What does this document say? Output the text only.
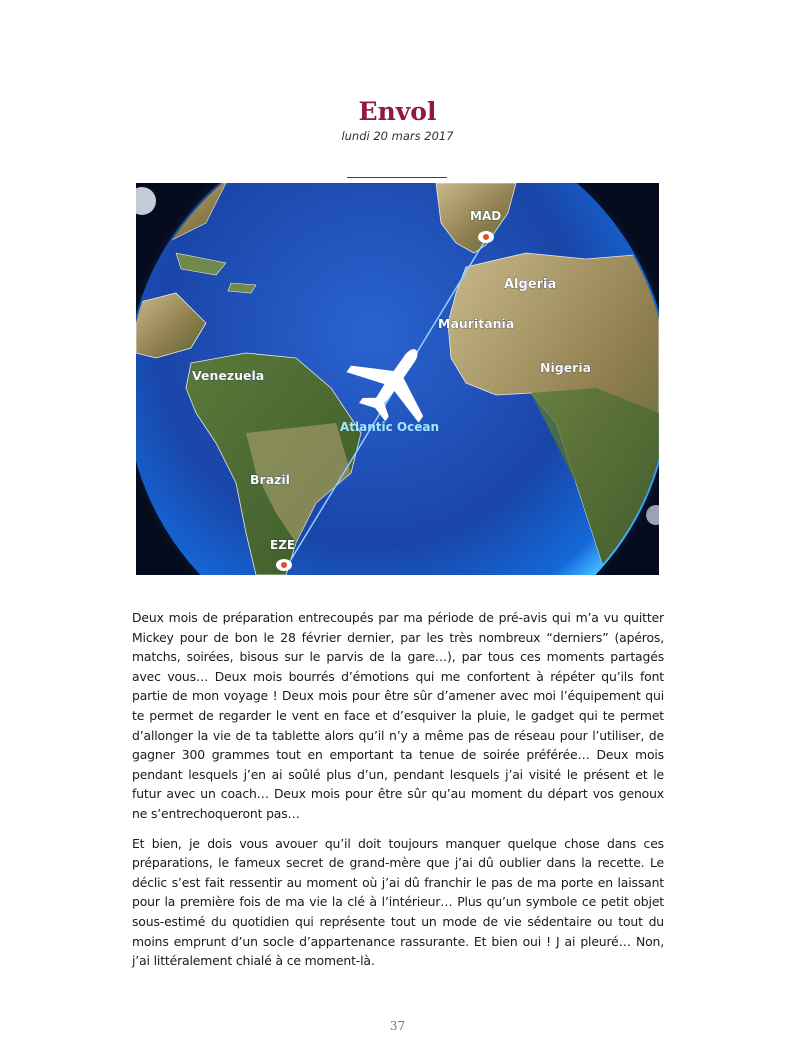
Envol
lundi 20 mars 2017
MAD
Algeria
Mauritania
Nigeria
Venezuela
Atlantic Ocean
Brazil
EZE

Deux mois de préparation entrecoupés par ma période de pré-avis qui m’a vu quitter Mickey pour de bon le 28 février dernier, par les très nombreux “derniers” (apéros, matchs, soirées, bisous sur le parvis de la gare…), par tous ces moments partagés avec vous… Deux mois bourrés d’émotions qui me confortent à répéter qu’ils font partie de mon voyage ! Deux mois pour être sûr d’amener avec moi l’équipement qui te permet de regarder le vent en face et d’esquiver la pluie, le gadget qui te permet d’allonger la vie de ta tablette alors qu’il n’y a même pas de réseau pour l’utiliser, de gagner 300 grammes tout en emportant ta tenue de soirée préférée… Deux mois pendant lesquels j’en ai soûlé plus d’un, pendant lesquels j’ai visité le présent et le futur avec un coach… Deux mois pour être sûr qu’au moment du départ vos genoux ne s’entrechoqueront pas…

Et bien, je dois vous avouer qu’il doit toujours manquer quelque chose dans ces préparations, le fameux secret de grand-mère que j’ai dû oublier dans la recette. Le déclic s’est fait ressentir au moment où j’ai dû franchir le pas de ma porte en laissant pour la première fois de ma vie la clé à l’intérieur… Plus qu’un symbole ce petit objet sous-estimé du quotidien qui représente tout un mode de vie sédentaire ou tout du moins emprunt d’un socle d’appartenance rassurante. Et bien oui ! J ai pleuré… Non, j’ai littéralement chialé à ce moment-là.

37
